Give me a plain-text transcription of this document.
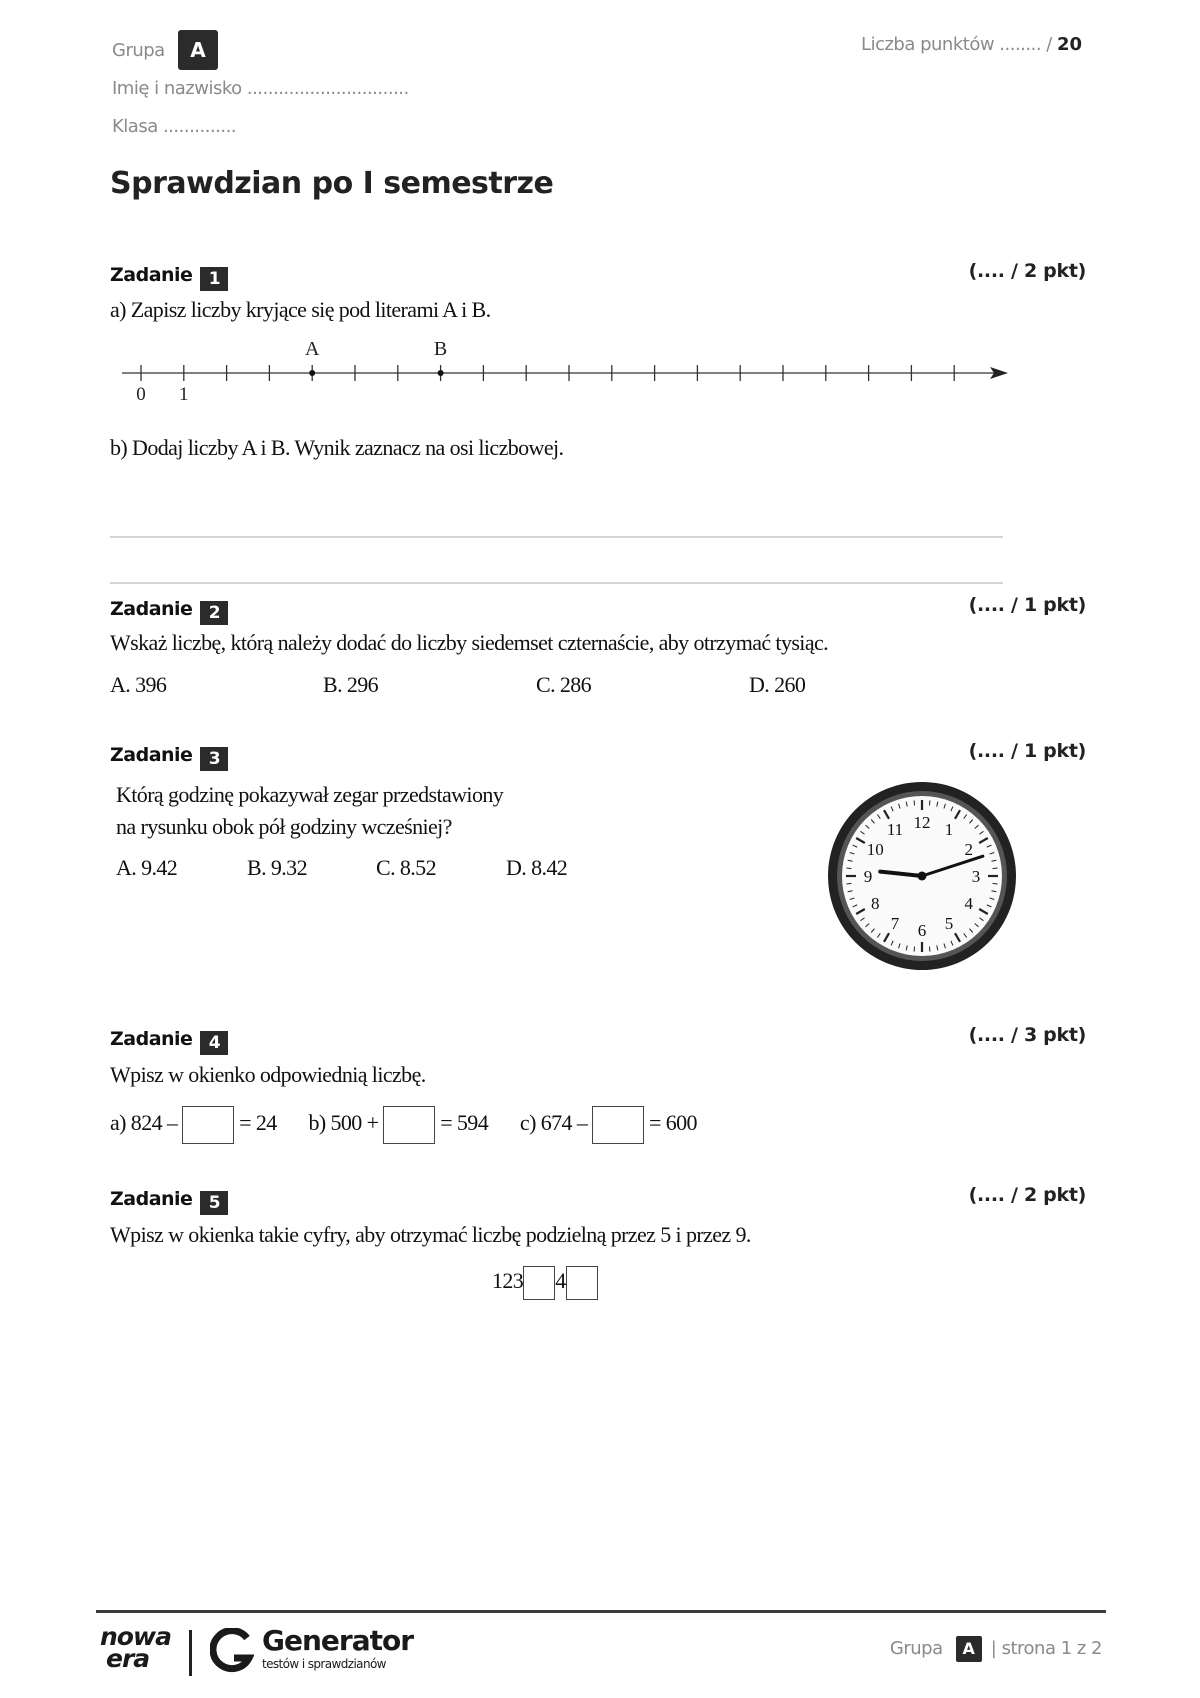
Grupa	A
Imię i nazwisko ...............................
Klasa ..............
Liczba punktów ........ / 20
Sprawdzian po I semestrze
Zadanie 1	(.... / 2 pkt)
a) Zapisz liczby kryjące się pod literami A i B.
A	B
0 1
b) Dodaj liczby A i B. Wynik zaznacz na osi liczbowej.
Zadanie 2	(.... / 1 pkt)
Wskaż liczbę, którą należy dodać do liczby siedemset czternaście, aby otrzymać tysiąc.
A. 396	B. 296	C. 286	D. 260
Zadanie 3	(.... / 1 pkt)
Którą godzinę pokazywał zegar przedstawiony
na rysunku obok pół godziny wcześniej?
A. 9.42	B. 9.32	C. 8.52	D. 8.42
12 1
2
3
4
5
6
7
8
9
10
11
Zadanie 4	(.... / 3 pkt)
Wpisz w okienko odpowiednią liczbę.
a) 824 –	= 24 b) 500 +	= 594 c) 674 –	= 600
Zadanie 5	(.... / 2 pkt)
Wpisz w okienka takie cyfry, aby otrzymać liczbę podzielną przez 5 i przez 9.
123 4
nowa
era
Generator
testów i sprawdzianów
Grupa A | strona 1 z 2
